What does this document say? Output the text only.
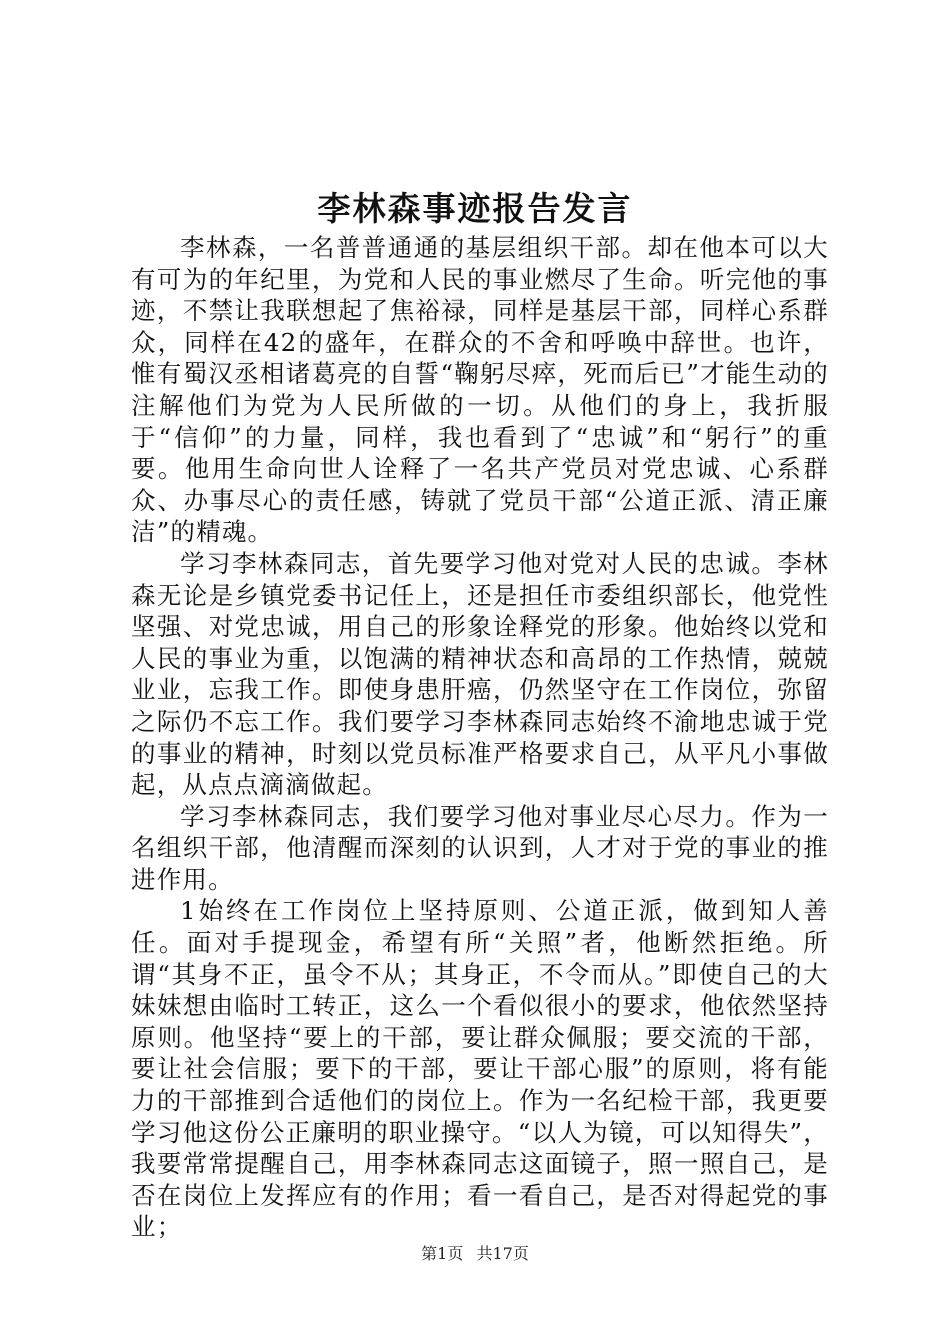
李林森事迹报告发言

李林森，一名普普通通的基层组织干部。却在他本可以大有可为的年纪里，为党和人民的事业燃尽了生命。听完他的事迹，不禁让我联想起了焦裕禄，同样是基层干部，同样心系群众，同样在42的盛年，在群众的不舍和呼唤中辞世。也许，惟有蜀汉丞相诸葛亮的自誓“鞠躬尽瘁，死而后已”才能生动的注解他们为党为人民所做的一切。从他们的身上，我折服于“信仰”的力量，同样，我也看到了“忠诚”和“躬行”的重要。他用生命向世人诠释了一名共产党员对党忠诚、心系群众、办事尽心的责任感，铸就了党员干部“公道正派、清正廉洁”的精魂。

学习李林森同志，首先要学习他对党对人民的忠诚。李林森无论是乡镇党委书记任上，还是担任市委组织部长，他党性坚强、对党忠诚，用自己的形象诠释党的形象。他始终以党和人民的事业为重，以饱满的精神状态和高昂的工作热情，兢兢业业，忘我工作。即使身患肝癌，仍然坚守在工作岗位，弥留之际仍不忘工作。我们要学习李林森同志始终不渝地忠诚于党的事业的精神，时刻以党员标准严格要求自己，从平凡小事做起，从点点滴滴做起。

学习李林森同志，我们要学习他对事业尽心尽力。作为一名组织干部，他清醒而深刻的认识到，人才对于党的事业的推进作用。

1始终在工作岗位上坚持原则、公道正派，做到知人善任。面对手提现金，希望有所“关照”者，他断然拒绝。所谓“其身不正，虽令不从；其身正，不令而从。”即使自己的大妹妹想由临时工转正，这么一个看似很小的要求，他依然坚持原则。他坚持“要上的干部，要让群众佩服；要交流的干部，要让社会信服；要下的干部，要让干部心服”的原则，将有能力的干部推到合适他们的岗位上。作为一名纪检干部，我更要学习他这份公正廉明的职业操守。“以人为镜，可以知得失”，我要常常提醒自己，用李林森同志这面镜子，照一照自己，是否在岗位上发挥应有的作用；看一看自己，是否对得起党的事业；

第1页 共17页
